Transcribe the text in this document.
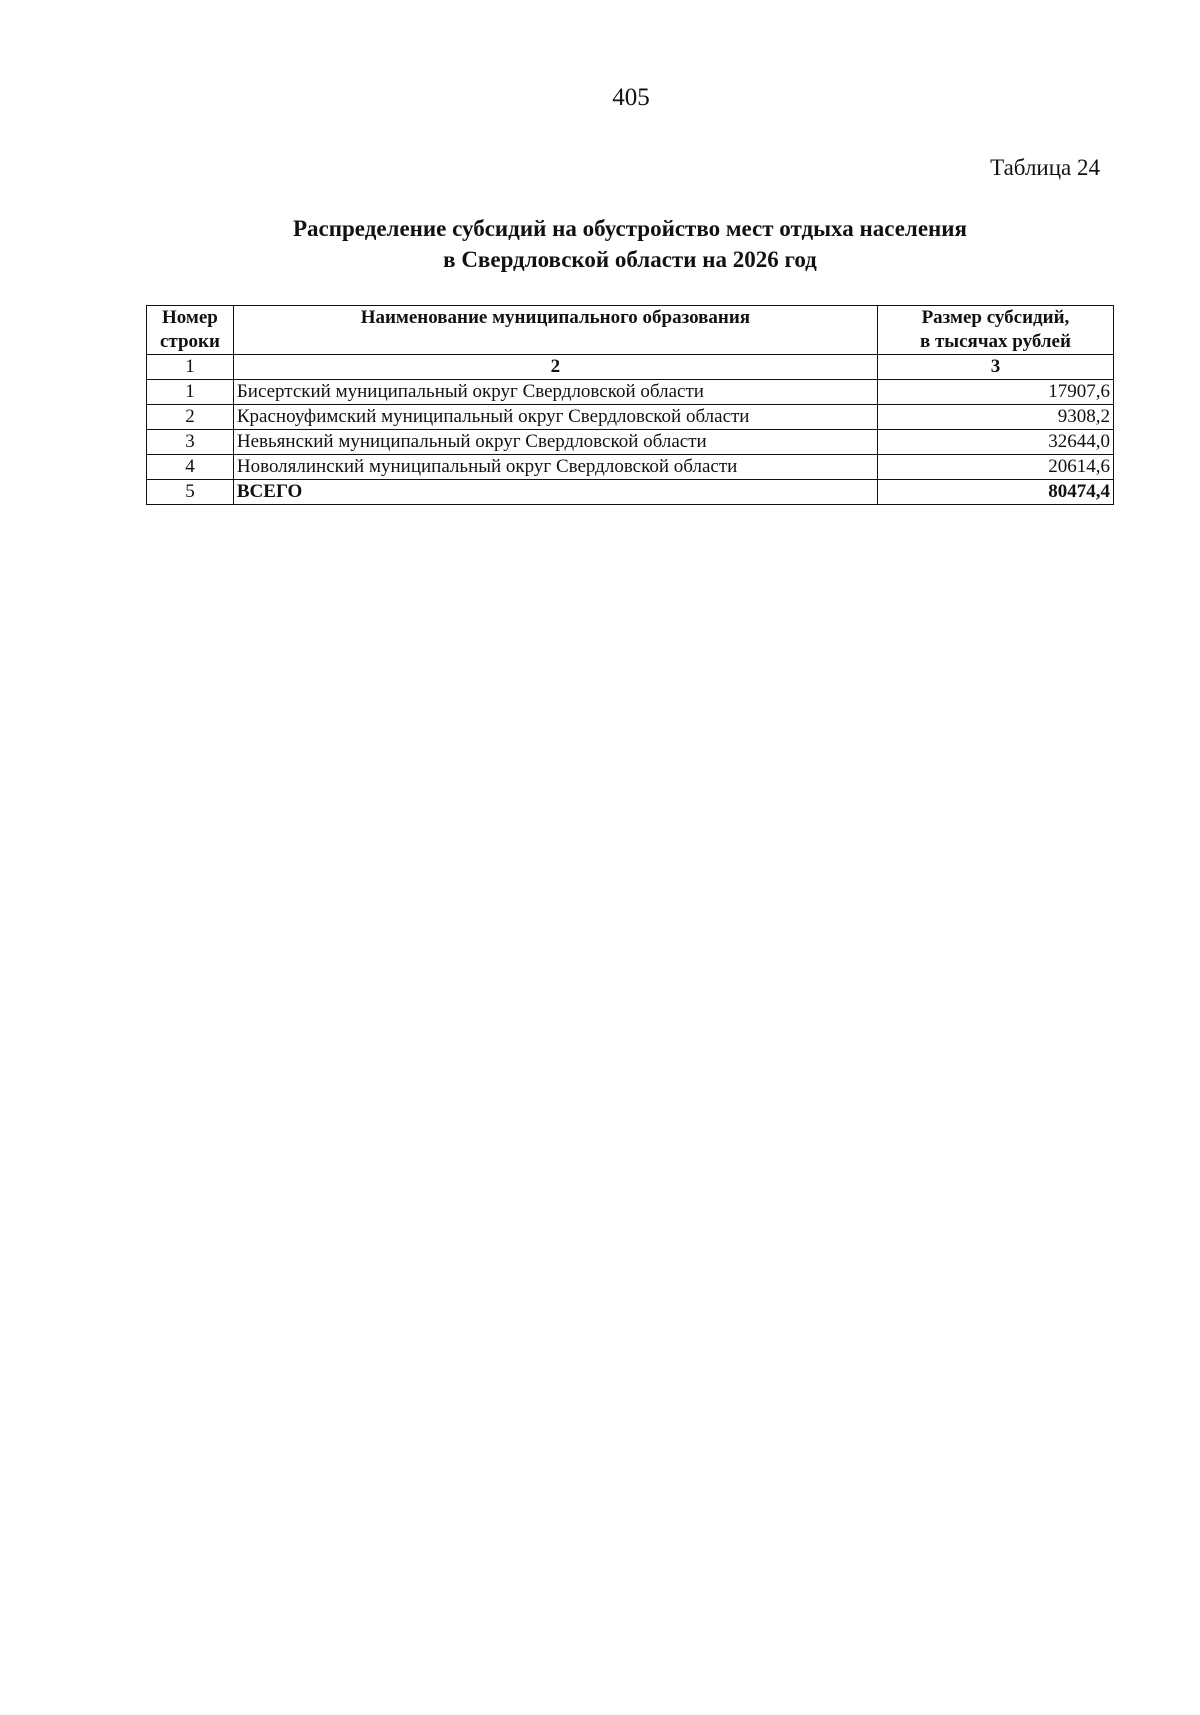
405
Таблица 24
Распределение субсидий на обустройство мест отдыха населения
в Свердловской области на 2026 год
Номер
строки	Наименование муниципального образования	Размер субсидий,
в тысячах рублей

1	2	3
1	Бисертский муниципальный округ Свердловской области	17907,6
2	Красноуфимский муниципальный округ Свердловской области	9308,2
3	Невьянский муниципальный округ Свердловской области	32644,0
4	Новолялинский муниципальный округ Свердловской области	20614,6
5	ВСЕГО	80474,4
